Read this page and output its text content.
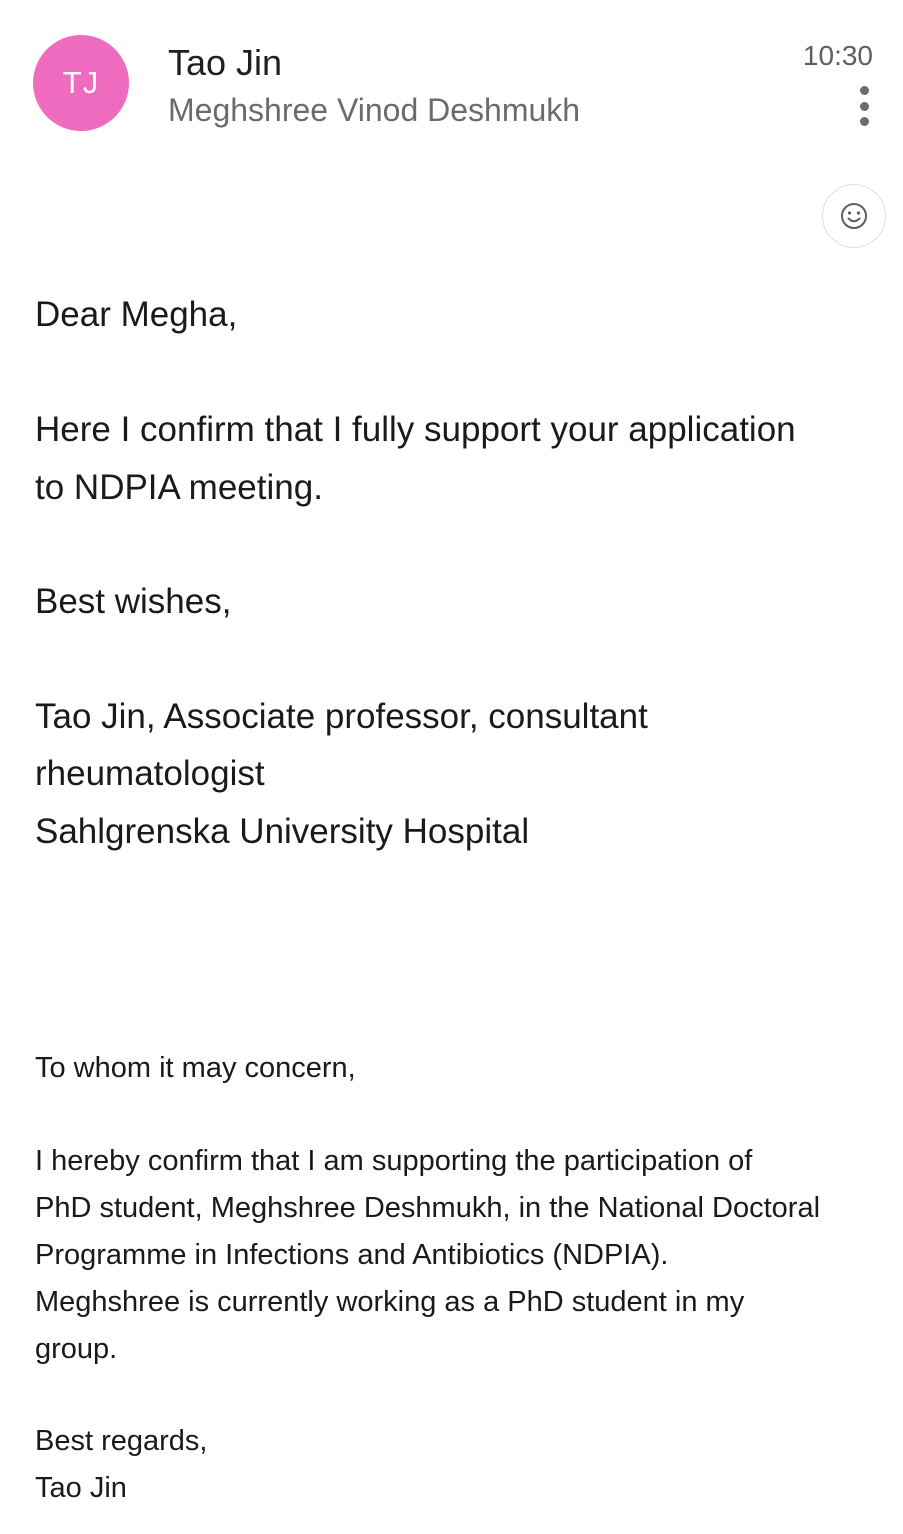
TJ Tao Jin
Meghshree Vinod Deshmukh
10:30

Dear Megha,

Here I confirm that I fully support your application

to NDPIA meeting.

Best wishes,

Tao Jin, Associate professor, consultant

rheumatologist

Sahlgrenska University Hospital

To whom it may concern,

I hereby confirm that I am supporting the participation of

PhD student, Meghshree Deshmukh, in the National Doctoral

Programme in Infections and Antibiotics (NDPIA).

Meghshree is currently working as a PhD student in my

group.

Best regards,

Tao Jin
